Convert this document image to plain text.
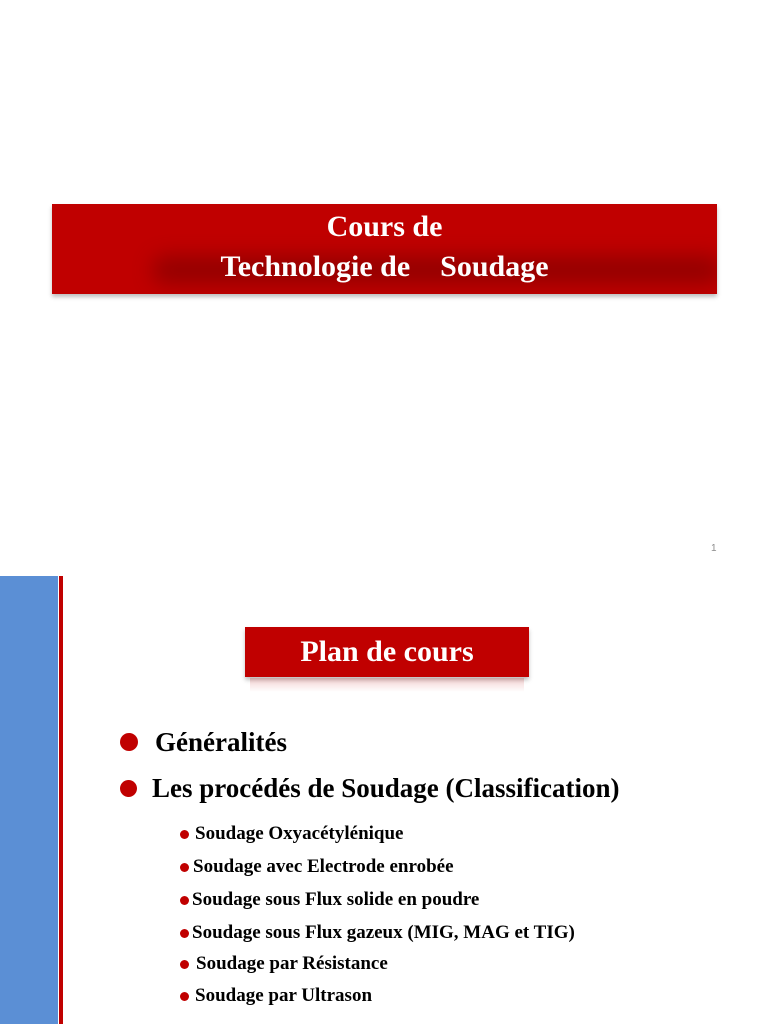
Cours de
Technologie de    Soudage
1
Plan de cours
Généralités
Les procédés de Soudage (Classification)
Soudage Oxyacétylénique
Soudage avec Electrode enrobée
Soudage sous Flux solide en poudre
Soudage sous Flux gazeux (MIG, MAG et TIG)
Soudage par Résistance
Soudage par Ultrason
